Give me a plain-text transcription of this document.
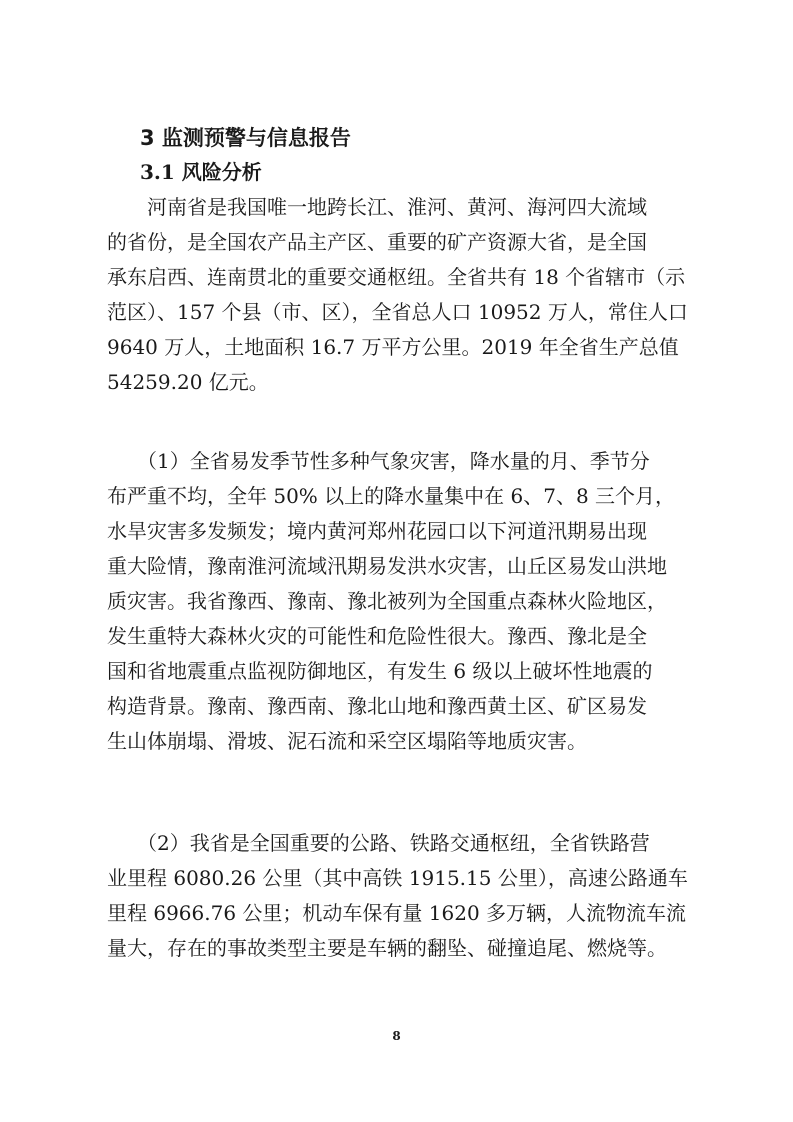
3 监测预警与信息报告
3.1 风险分析

　　河南省是我国唯一地跨长江、淮河、黄河、海河四大流域
的省份，是全国农产品主产区、重要的矿产资源大省，是全国
承东启西、连南贯北的重要交通枢纽。全省共有 18 个省辖市（示
范区）、157 个县（市、区），全省总人口 10952 万人，常住人口
9640 万人，土地面积 16.7 万平方公里。2019 年全省生产总值
54259.20 亿元。

　　（1）全省易发季节性多种气象灾害，降水量的月、季节分
布严重不均，全年 50% 以上的降水量集中在 6、7、8 三个月，
水旱灾害多发频发；境内黄河郑州花园口以下河道汛期易出现
重大险情，豫南淮河流域汛期易发洪水灾害，山丘区易发山洪地
质灾害。我省豫西、豫南、豫北被列为全国重点森林火险地区，
发生重特大森林火灾的可能性和危险性很大。豫西、豫北是全
国和省地震重点监视防御地区，有发生 6 级以上破坏性地震的
构造背景。豫南、豫西南、豫北山地和豫西黄土区、矿区易发
生山体崩塌、滑坡、泥石流和采空区塌陷等地质灾害。

　　（2）我省是全国重要的公路、铁路交通枢纽，全省铁路营
业里程 6080.26 公里（其中高铁 1915.15 公里），高速公路通车
里程 6966.76 公里；机动车保有量 1620 多万辆，人流物流车流
量大，存在的事故类型主要是车辆的翻坠、碰撞追尾、燃烧等。

8
